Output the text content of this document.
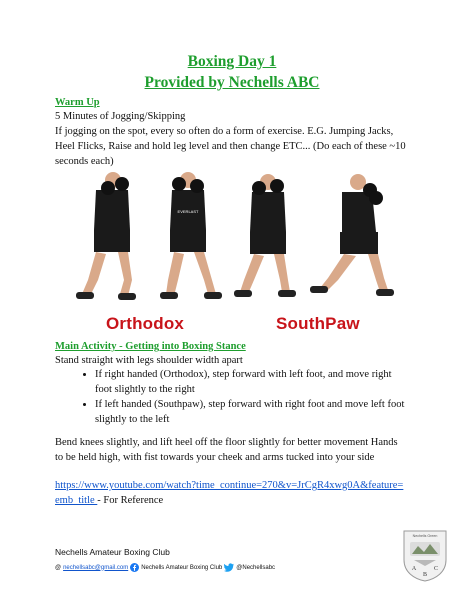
Boxing Day 1
Provided by Nechells ABC
Warm Up
5 Minutes of Jogging/Skipping
If jogging on the spot, every so often do a form of exercise. E.G. Jumping Jacks,
Heel Flicks, Raise and hold leg level and then change ETC... (Do each of these ~10
seconds each)
EVERLAST
Orthodox	SouthPaw
Main Activity - Getting into Boxing Stance
Stand straight with legs shoulder width apart
• If right handed (Orthodox), step forward with left foot, and move right
foot slightly to the right
• If left handed (Southpaw), step forward with right foot and move left foot
slightly to the left
Bend knees slightly, and lift heel off the floor slightly for better movement Hands
to be held high, with fist towards your cheek and arms tucked into your side
https://www.youtube.com/watch?time_continue=270&v=JrCgR4xwg0A&feature=
emb_title - For Reference
Nechells Amateur Boxing Club
@ nechellsabc@gmail.com Nechells Amateur Boxing Club @Nechellsabc
Nechells Green
A
B
C
